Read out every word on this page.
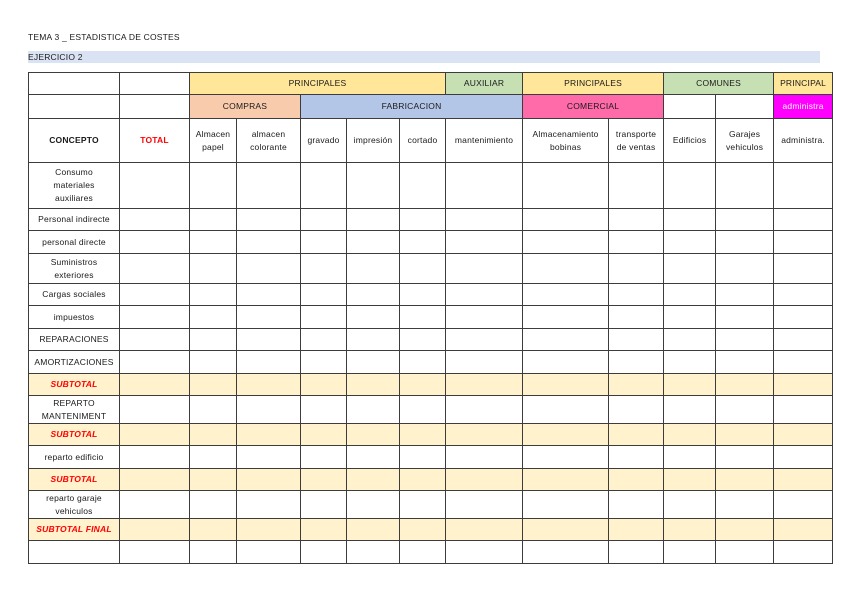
TEMA 3 _ ESTADISTICA DE COSTES
EJERCICIO 2
		PRINCIPALES					AUXILIAR	PRINCIPALES		COMUNES		PRINCIPAL
		COMPRAS		FABRICACION				COMERCIAL				administra
CONCEPTO	TOTAL	Almacen papel	almacen colorante	gravado	impresión	cortado	mantenimiento	Almacenamiento bobinas	transporte de ventas	Edificios	Garajes vehiculos	administra.
Consumo materiales auxiliares												
Personal indirecte												
personal directe												
Suministros exteriores												
Cargas sociales												
impuestos												
REPARACIONES												
AMORTIZACIONES												
SUBTOTAL												
REPARTO MANTENIMENT												
SUBTOTAL												
reparto edificio												
SUBTOTAL												
reparto garaje vehiculos												
SUBTOTAL FINAL												
